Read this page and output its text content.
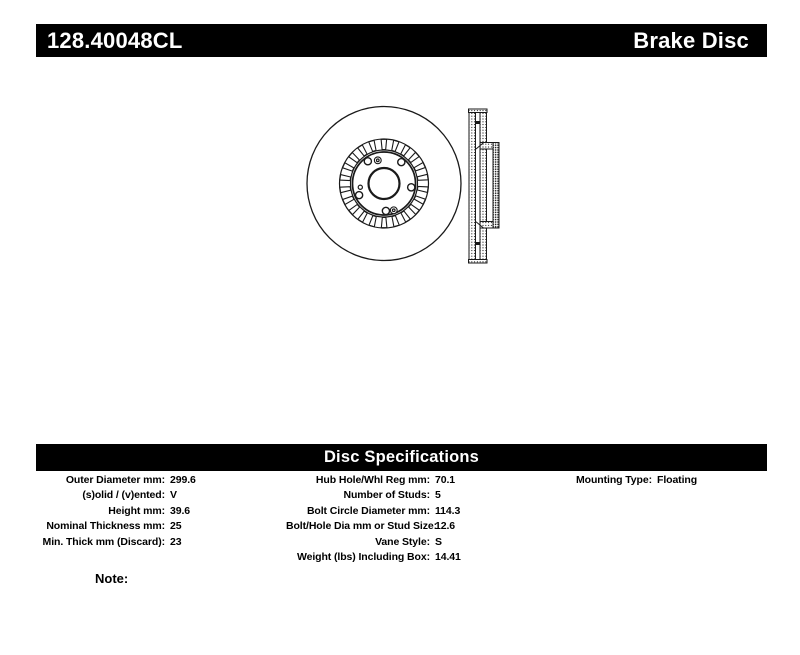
128.40048CL	Brake Disc
Disc Specifications
Outer Diameter mm: 299.6
(s)olid / (v)ented: V
Height mm: 39.6
Nominal Thickness mm: 25
Min. Thick mm (Discard): 23
Hub Hole/Whl Reg mm: 70.1
Number of Studs: 5
Bolt Circle Diameter mm: 114.3
Bolt/Hole Dia mm or Stud Size:
12.6
Vane Style: S
Weight (lbs) Including Box: 14.41
Mounting Type: Floating
Note:
